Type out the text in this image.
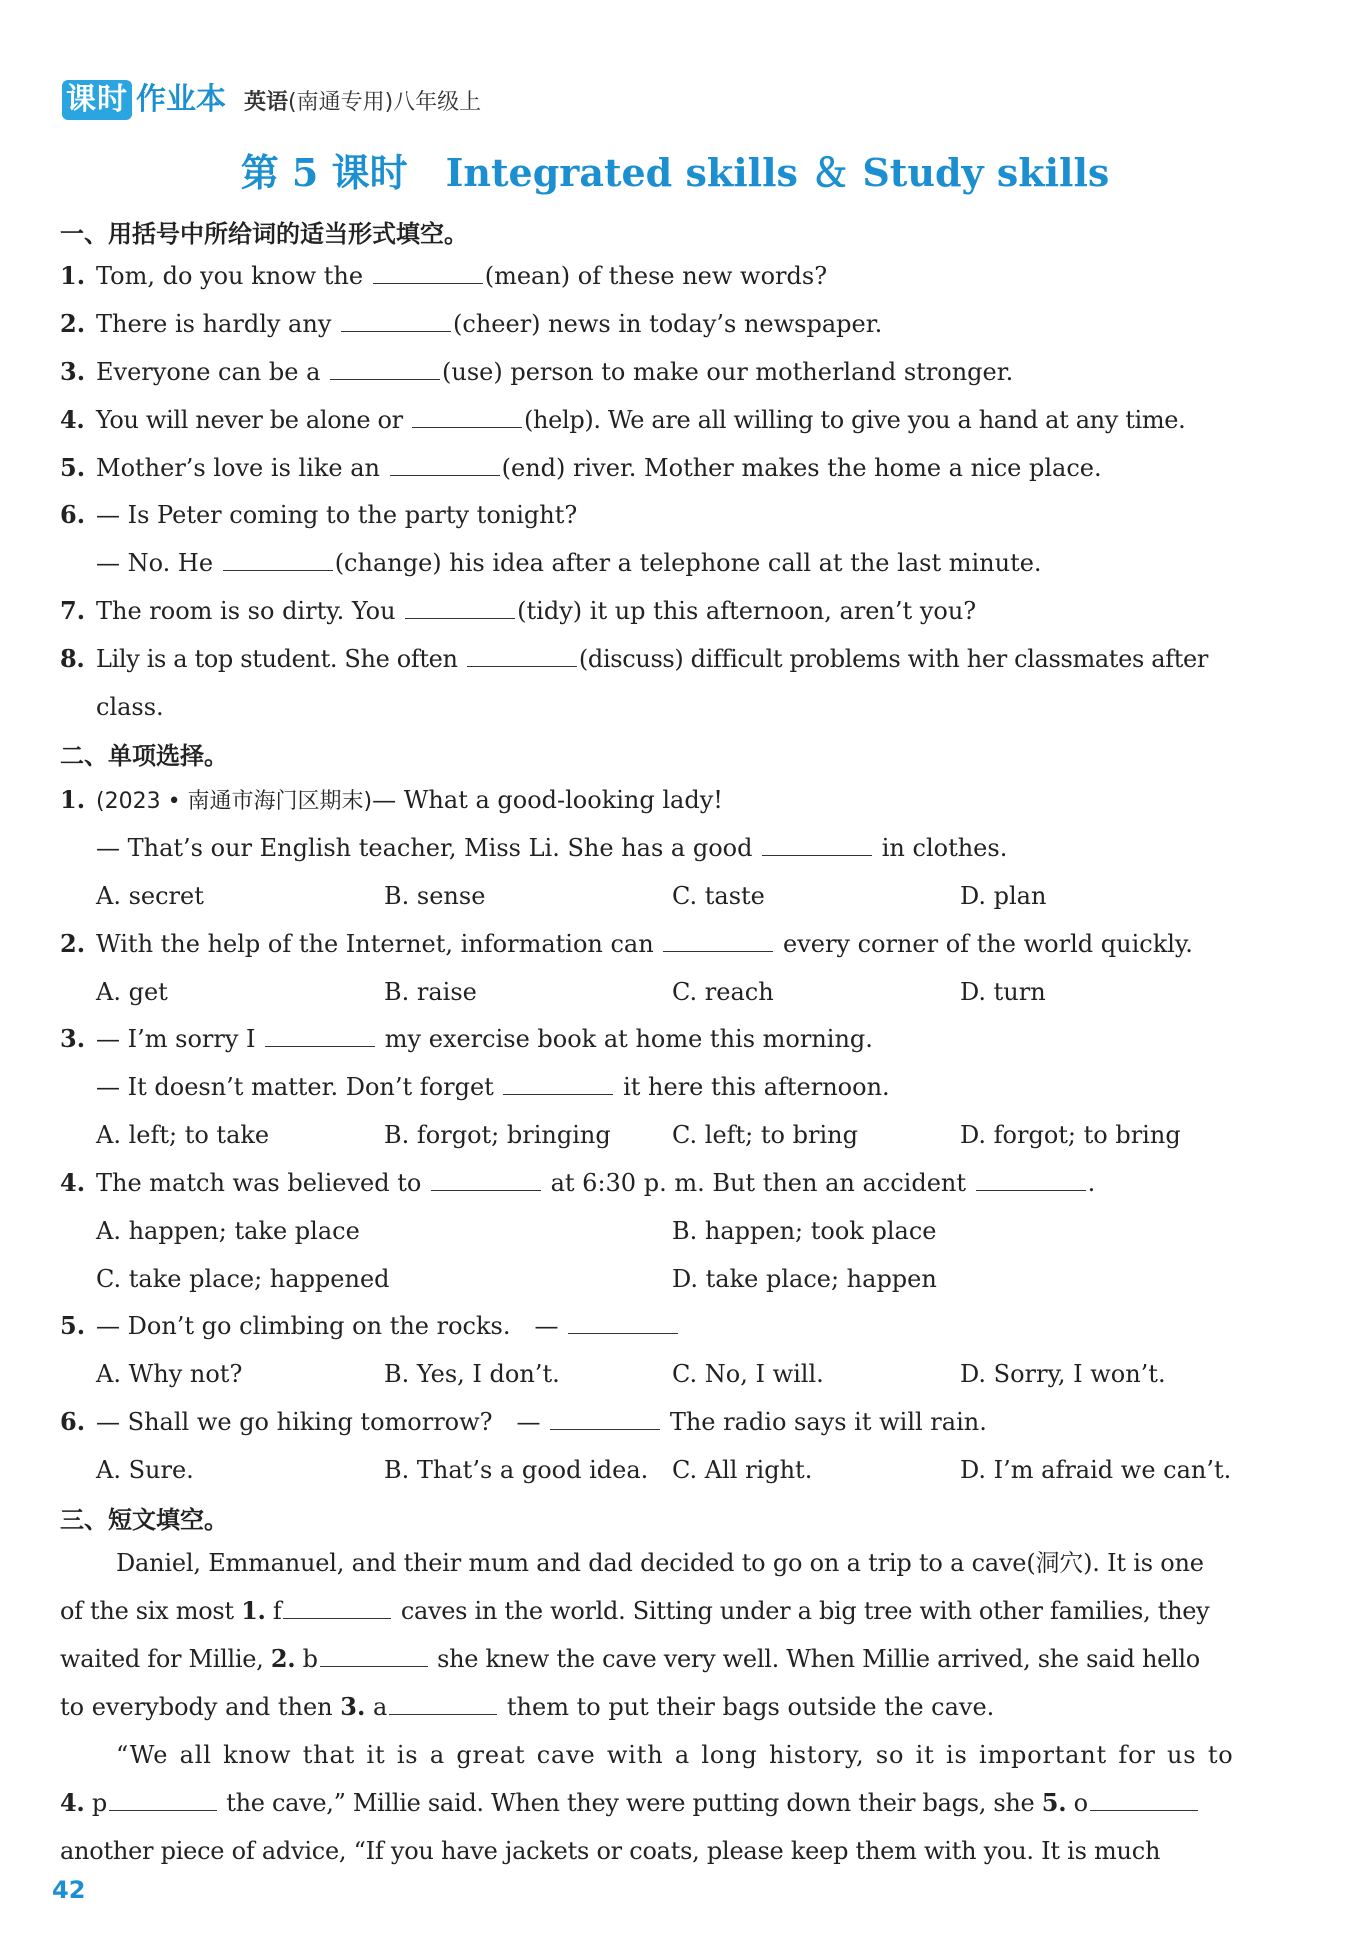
课时 作业本 英语(南通专用)八年级上
第 5 课时　Integrated skills ＆ Study skills
一、用括号中所给词的适当形式填空。
1. Tom, do you know the	(mean) of these new words?
2. There is hardly any	(cheer) news in today’s newspaper.
3. Everyone can be a	(use) person to make our motherland stronger.
4. You will never be alone or	(help). We are all willing to give you a hand at any time.
5. Mother’s love is like an	(end) river. Mother makes the home a nice place.
6. — Is Peter coming to the party tonight?
— No. He	(change) his idea after a telephone call at the last minute.
7. The room is so dirty. You	(tidy) it up this afternoon, aren’t you?
8. Lily is a top student. She often	(discuss) difficult problems with her classmates after
class.
二、单项选择。
1. (2023 • 南通市海门区期末)— What a good-looking lady!
— That’s our English teacher, Miss Li. She has a good	in clothes.
A. secret	B. sense	C. taste	D. plan
2. With the help of the Internet, information can	every corner of the world quickly.
A. get	B. raise	C. reach	D. turn
3. — I’m sorry I	my exercise book at home this morning.
— It doesn’t matter. Don’t forget	it here this afternoon.
A. left; to take	B. forgot; bringing	C. left; to bring	D. forgot; to bring
4. The match was believed to	at 6:30 p. m. But then an accident	.
A. happen; take place	B. happen; took place
C. take place; happened	D. take place; happen
5. — Don’t go climbing on the rocks.　—
A. Why not?	B. Yes, I don’t.	C. No, I will.	D. Sorry, I won’t.
6. — Shall we go hiking tomorrow?　—	The radio says it will rain.
A. Sure.	B. That’s a good idea. C. All right.	D. I’m afraid we can’t.
三、短文填空。
Daniel, Emmanuel, and their mum and dad decided to go on a trip to a cave(洞穴). It is one
of the six most 1. f	caves in the world. Sitting under a big tree with other families, they
waited for Millie, 2. b	she knew the cave very well. When Millie arrived, she said hello
to everybody and then 3. a	them to put their bags outside the cave.
“We all know that it is a great cave with a long history, so it is important for us to
4. p	the cave,” Millie said. When they were putting down their bags, she 5. o
another piece of advice, “If you have jackets or coats, please keep them with you. It is much
42
